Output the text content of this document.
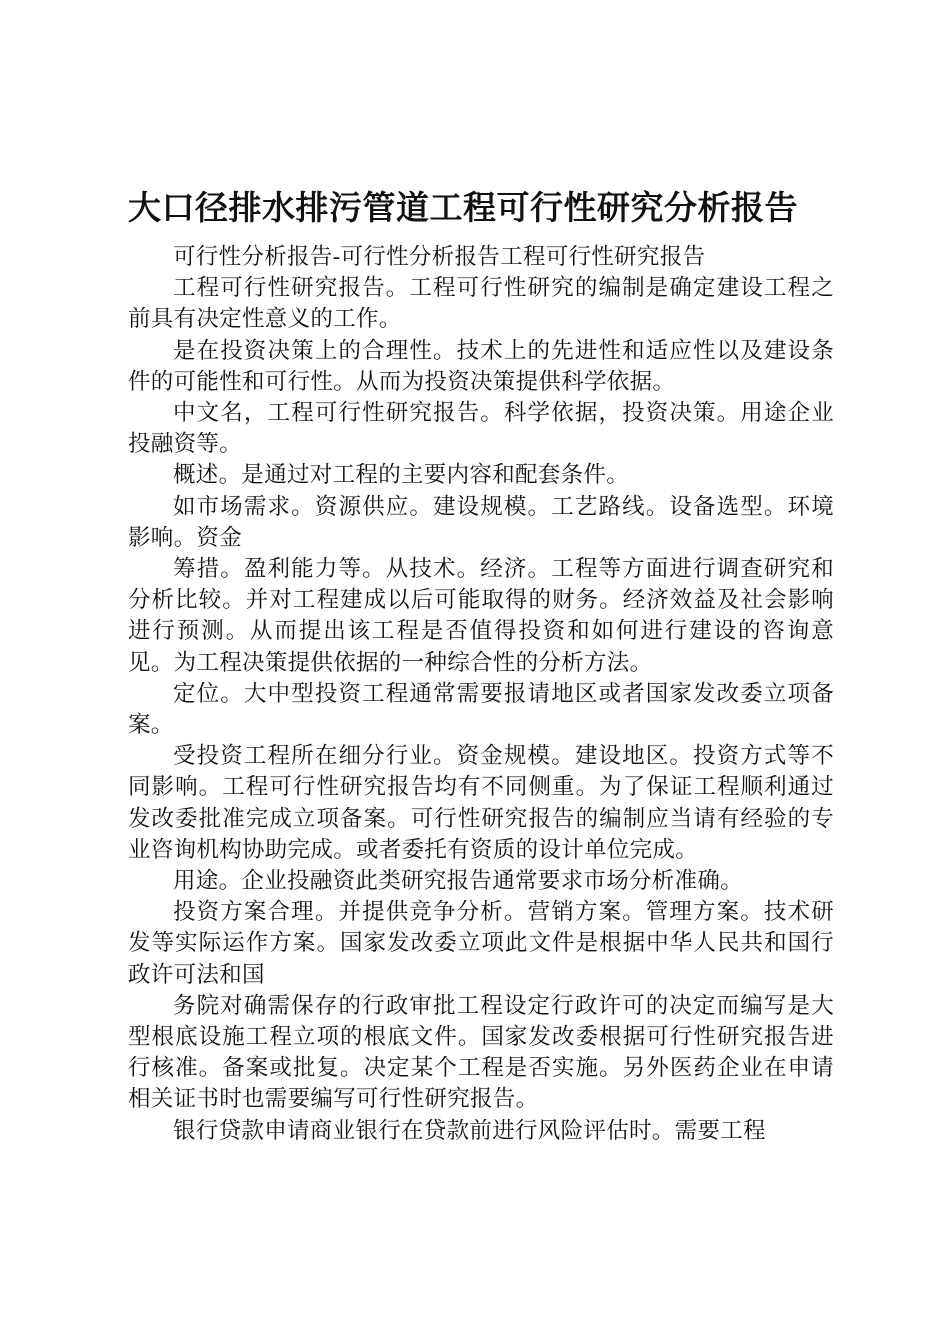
大口径排水排污管道工程可行性研究分析报告

可行性分析报告-可行性分析报告工程可行性研究报告

工程可行性研究报告。工程可行性研究的编制是确定建设工程之前具有决定性意义的工作。

是在投资决策上的合理性。技术上的先进性和适应性以及建设条件的可能性和可行性。从而为投资决策提供科学依据。

中文名，工程可行性研究报告。科学依据，投资决策。用途企业投融资等。

概述。是通过对工程的主要内容和配套条件。

如市场需求。资源供应。建设规模。工艺路线。设备选型。环境影响。资金

筹措。盈利能力等。从技术。经济。工程等方面进行调查研究和分析比较。并对工程建成以后可能取得的财务。经济效益及社会影响进行预测。从而提出该工程是否值得投资和如何进行建设的咨询意见。为工程决策提供依据的一种综合性的分析方法。

定位。大中型投资工程通常需要报请地区或者国家发改委立项备案。

受投资工程所在细分行业。资金规模。建设地区。投资方式等不同影响。工程可行性研究报告均有不同侧重。为了保证工程顺利通过发改委批准完成立项备案。可行性研究报告的编制应当请有经验的专业咨询机构协助完成。或者委托有资质的设计单位完成。

用途。企业投融资此类研究报告通常要求市场分析准确。

投资方案合理。并提供竞争分析。营销方案。管理方案。技术研发等实际运作方案。国家发改委立项此文件是根据中华人民共和国行政许可法和国

务院对确需保存的行政审批工程设定行政许可的决定而编写是大型根底设施工程立项的根底文件。国家发改委根据可行性研究报告进行核准。备案或批复。决定某个工程是否实施。另外医药企业在申请相关证书时也需要编写可行性研究报告。

银行贷款申请商业银行在贷款前进行风险评估时。需要工程
